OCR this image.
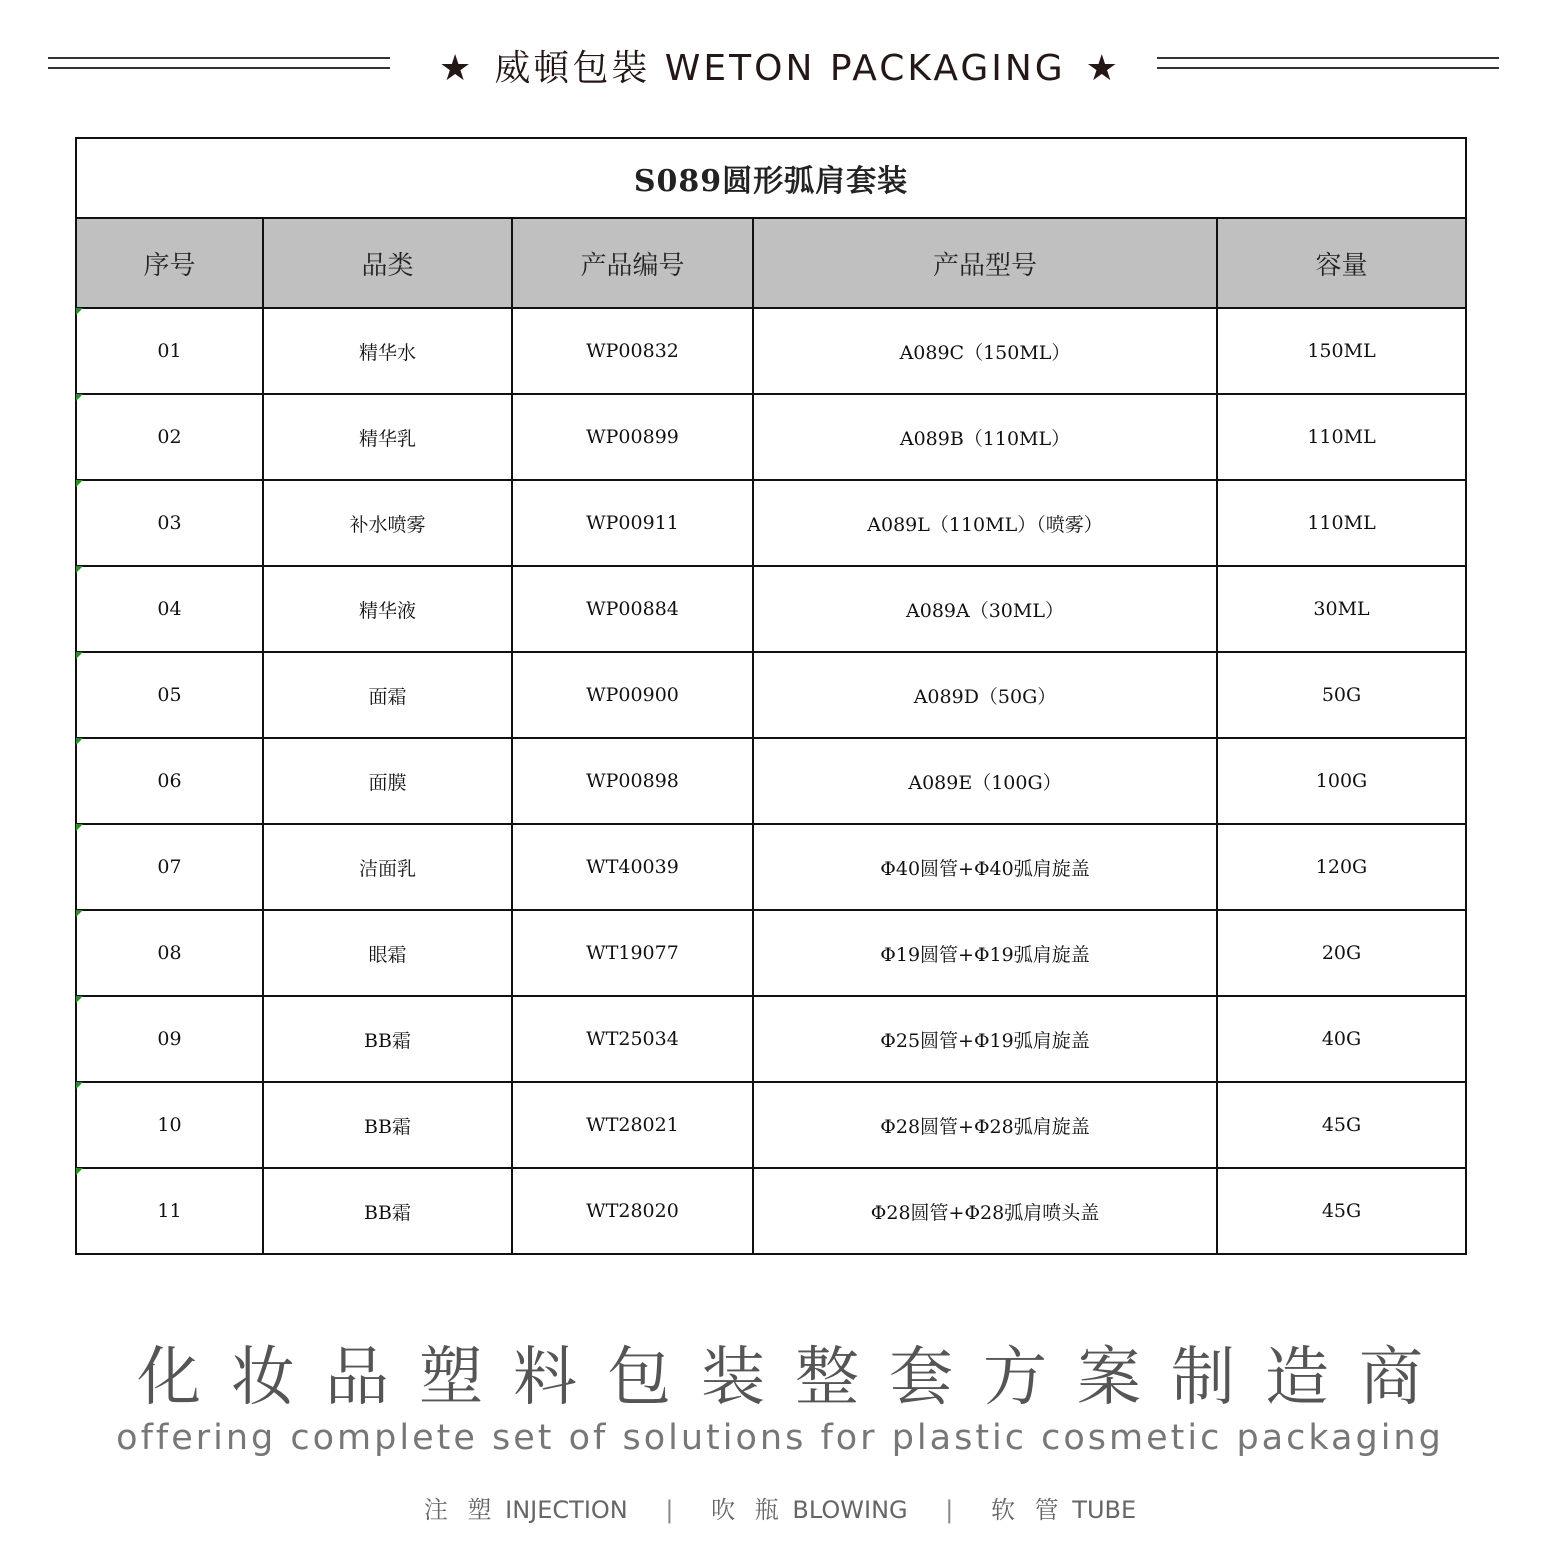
★ 威頓包裝 WETON PACKAGING ★
S089圆形弧肩套装				
序号	品类	产品编号	产品型号	容量
01	精华水	WP00832	A089C（150ML）	150ML
02	精华乳	WP00899	A089B（110ML）	110ML
03	补水喷雾	WP00911	A089L（110ML）（喷雾）	110ML
04	精华液	WP00884	A089A（30ML）	30ML
05	面霜	WP00900	A089D（50G）	50G
06	面膜	WP00898	A089E（100G）	100G
07	洁面乳	WT40039	Φ40圆管+Φ40弧肩旋盖	120G
08	眼霜	WT19077	Φ19圆管+Φ19弧肩旋盖	20G
09	BB霜	WT25034	Φ25圆管+Φ19弧肩旋盖	40G
10	BB霜	WT28021	Φ28圆管+Φ28弧肩旋盖	45G
11	BB霜	WT28020	Φ28圆管+Φ28弧肩喷头盖	45G
化妆品塑料包装整套方案制造商
offering complete set of solutions for plastic cosmetic packaging
注 塑 INJECTION | 吹 瓶 BLOWING | 软 管 TUBE
